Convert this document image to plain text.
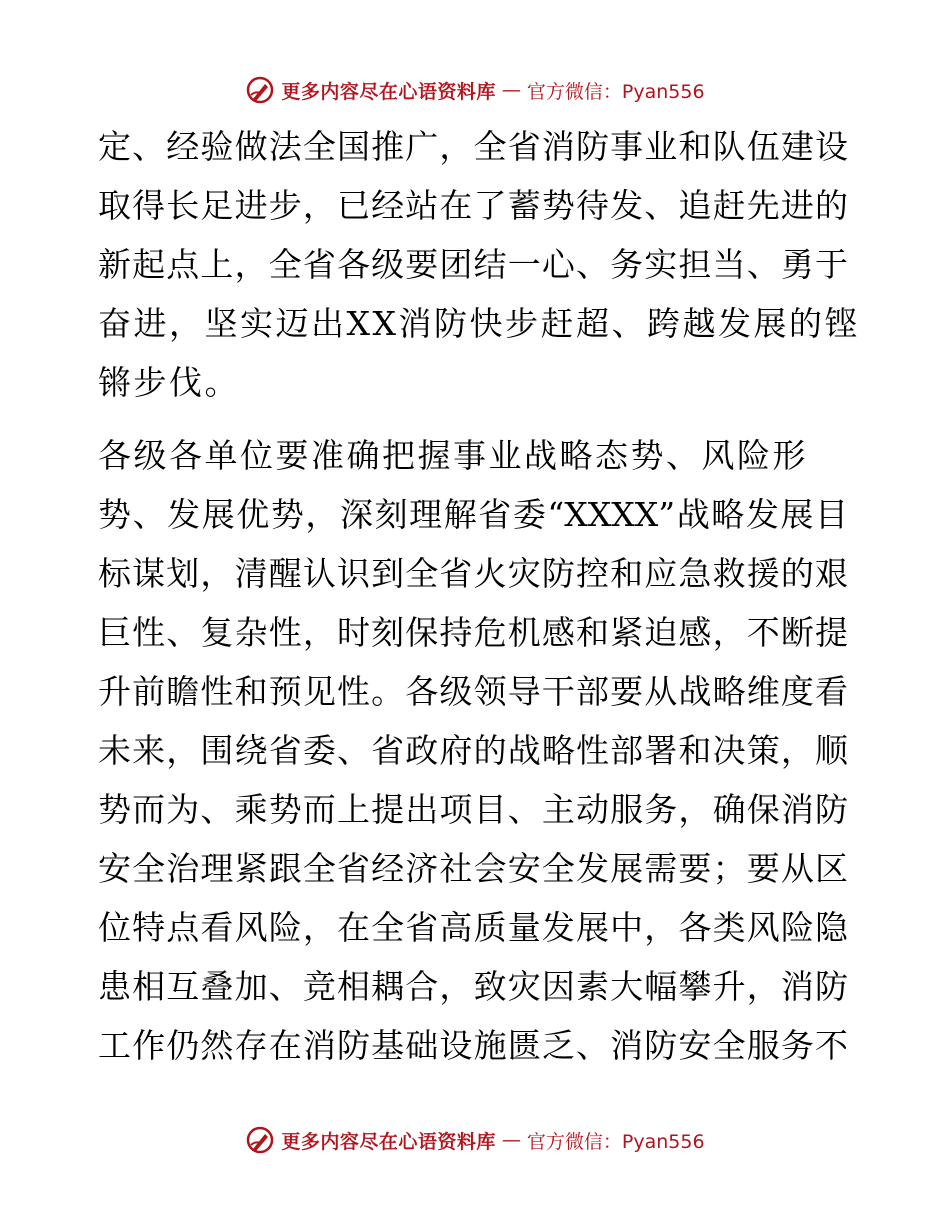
更多内容尽在心语资料库 — 官方微信：Pyan556
定、经验做法全国推广，全省消防事业和队伍建设
取得长足进步，已经站在了蓄势待发、追赶先进的
新起点上，全省各级要团结一心、务实担当、勇于
奋进，坚实迈出XX消防快步赶超、跨越发展的铿
锵步伐。
各级各单位要准确把握事业战略态势、风险形
势、发展优势，深刻理解省委“XXXX”战略发展目
标谋划，清醒认识到全省火灾防控和应急救援的艰
巨性、复杂性，时刻保持危机感和紧迫感，不断提
升前瞻性和预见性。各级领导干部要从战略维度看
未来，围绕省委、省政府的战略性部署和决策，顺
势而为、乘势而上提出项目、主动服务，确保消防
安全治理紧跟全省经济社会安全发展需要；要从区
位特点看风险，在全省高质量发展中，各类风险隐
患相互叠加、竞相耦合，致灾因素大幅攀升，消防
工作仍然存在消防基础设施匮乏、消防安全服务不
更多内容尽在心语资料库 — 官方微信：Pyan556
